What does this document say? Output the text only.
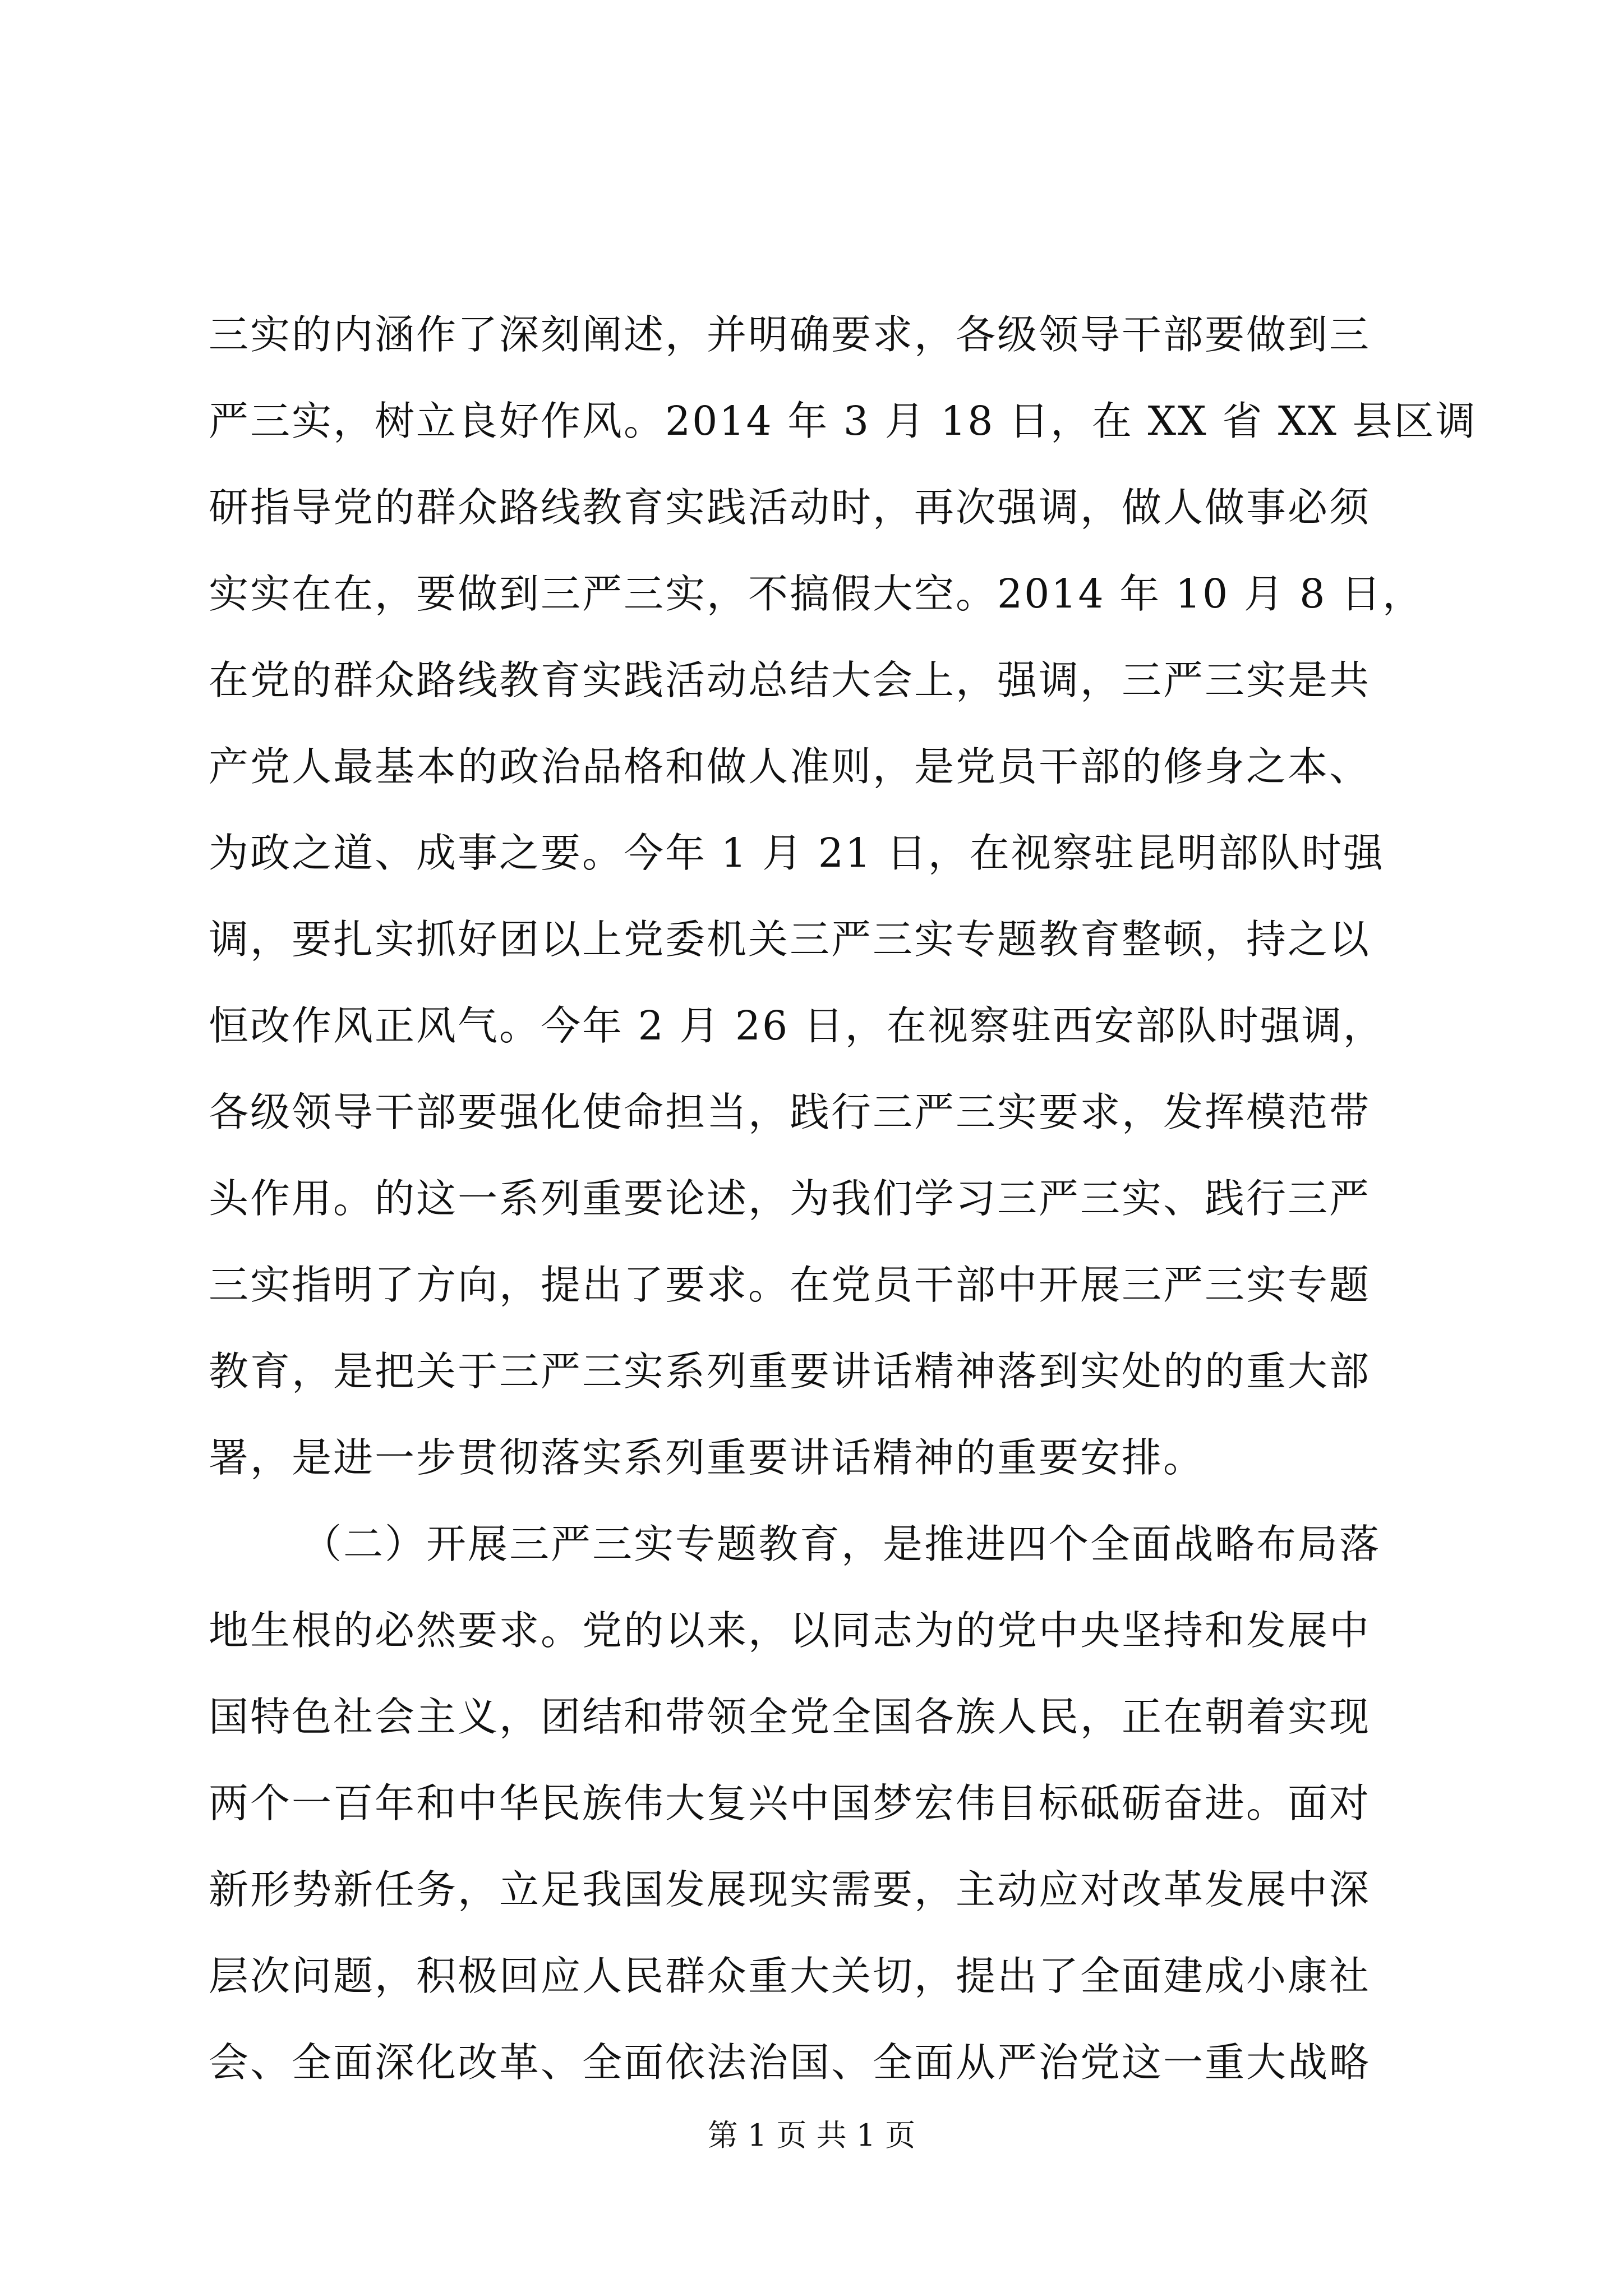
三实的内涵作了深刻阐述，并明确要求，各级领导干部要做到三
严三实，树立良好作风。2014 年 3 月 18 日，在 XX 省 XX 县区调
研指导党的群众路线教育实践活动时，再次强调，做人做事必须
实实在在，要做到三严三实，不搞假大空。2014 年 10 月 8 日，
在党的群众路线教育实践活动总结大会上，强调，三严三实是共
产党人最基本的政治品格和做人准则，是党员干部的修身之本、
为政之道、成事之要。今年 1 月 21 日，在视察驻昆明部队时强
调，要扎实抓好团以上党委机关三严三实专题教育整顿，持之以
恒改作风正风气。今年 2 月 26 日，在视察驻西安部队时强调，
各级领导干部要强化使命担当，践行三严三实要求，发挥模范带
头作用。的这一系列重要论述，为我们学习三严三实、践行三严
三实指明了方向，提出了要求。在党员干部中开展三严三实专题
教育，是把关于三严三实系列重要讲话精神落到实处的的重大部
署，是进一步贯彻落实系列重要讲话精神的重要安排。
（二）开展三严三实专题教育，是推进四个全面战略布局落
地生根的必然要求。党的以来，以同志为的党中央坚持和发展中
国特色社会主义，团结和带领全党全国各族人民，正在朝着实现
两个一百年和中华民族伟大复兴中国梦宏伟目标砥砺奋进。面对
新形势新任务，立足我国发展现实需要，主动应对改革发展中深
层次问题，积极回应人民群众重大关切，提出了全面建成小康社
会、全面深化改革、全面依法治国、全面从严治党这一重大战略
第 1 页 共 1 页
